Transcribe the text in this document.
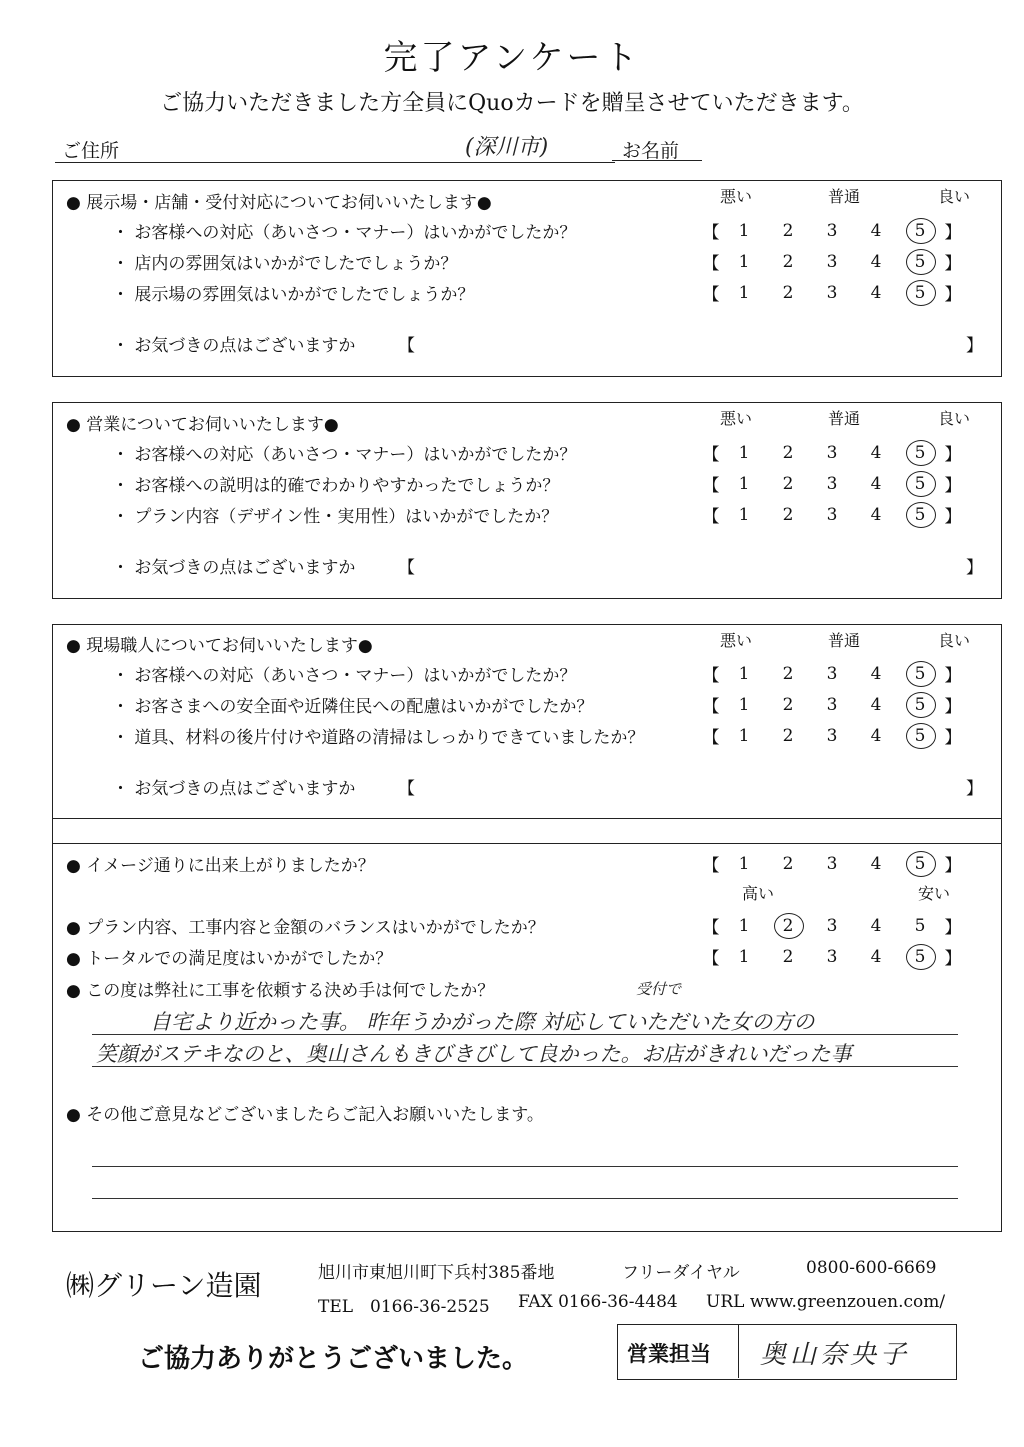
完了アンケート
ご協力いただきました方全員にQuoカードを贈呈させていただきます。
ご住所	(深川市)	お名前
● 展示場・店舗・受付対応についてお伺いいたします●	悪い	普通	良い
・ お客様への対応（あいさつ・マナー）はいかがでしたか？	【	1	2	3	4	5	】
・ 店内の雰囲気はいかがでしたでしょうか？	【	1	2	3	4	5	】
・ 展示場の雰囲気はいかがでしたでしょうか？	【	1	2	3	4	5	】
・ お気づきの点はございますか	【	】
● 営業についてお伺いいたします●	悪い	普通	良い
・ お客様への対応（あいさつ・マナー）はいかがでしたか？	【	1	2	3	4	5	】
・ お客様への説明は的確でわかりやすかったでしょうか？	【	1	2	3	4	5	】
・ プラン内容（デザイン性・実用性）はいかがでしたか？	【	1	2	3	4	5	】
・ お気づきの点はございますか	【	】
● 現場職人についてお伺いいたします●	悪い	普通	良い
・ お客様への対応（あいさつ・マナー）はいかがでしたか？	【	1	2	3	4	5	】
・ お客さまへの安全面や近隣住民への配慮はいかがでしたか？	【	1	2	3	4	5	】
・ 道具、材料の後片付けや道路の清掃はしっかりできていましたか？	【	1	2	3	4	5	】
・ お気づきの点はございますか	【	】
● イメージ通りに出来上がりましたか？	【	1	2	3	4	5	】
高い	安い
● プラン内容、工事内容と金額のバランスはいかがでしたか？	【	1	2	3	4	5	】
● トータルでの満足度はいかがでしたか？	【	1	2	3	4	5	】
● この度は弊社に工事を依頼する決め手は何でしたか？	受付で
自宅より近かった事。 昨年うかがった際 対応していただいた女の方の
笑顔がステキなのと、奥山さんもきびきびして良かった。お店がきれいだった事
● その他ご意見などございましたらご記入お願いいたします。
㈱グリーン造園	旭川市東旭川町下兵村385番地	フリーダイヤル	0800-600-6669
TEL　0166-36-2525 FAX 0166-36-4484 URL www.greenzouen.com/
ご協力ありがとうございました。	営業担当 奥山奈央子
